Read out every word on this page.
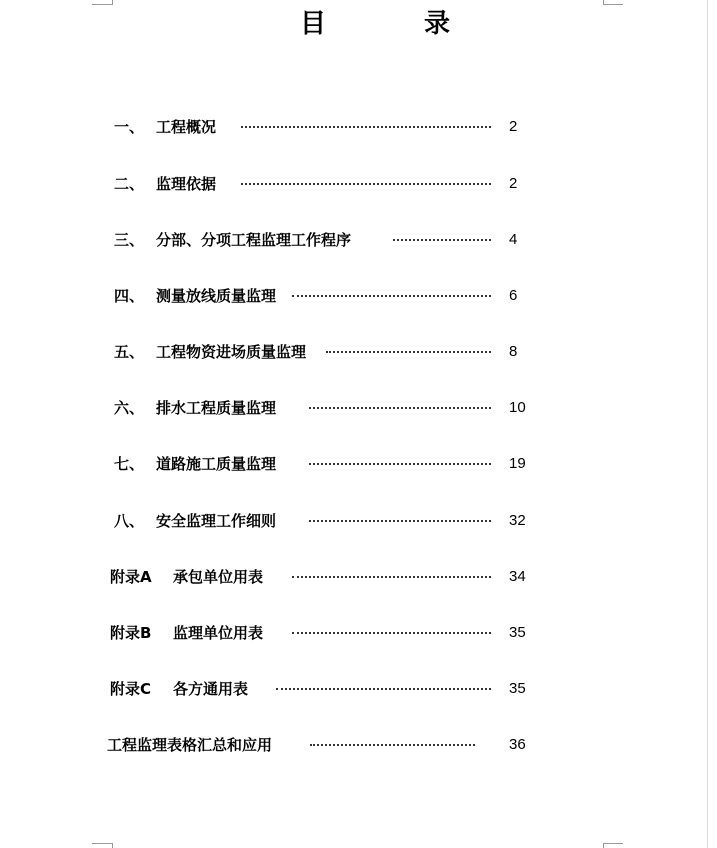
目　录
一、 工程概况	2
二、 监理依据	2
三、 分部、分项工程监理工作程序	4
四、 测量放线质量监理	6
五、 工程物资进场质量监理	8
六、 排水工程质量监理	10
七、 道路施工质量监理	19
八、 安全监理工作细则	32
附录A 承包单位用表	34
附录B 监理单位用表	35
附录C 各方通用表	35
工程监理表格汇总和应用	36
